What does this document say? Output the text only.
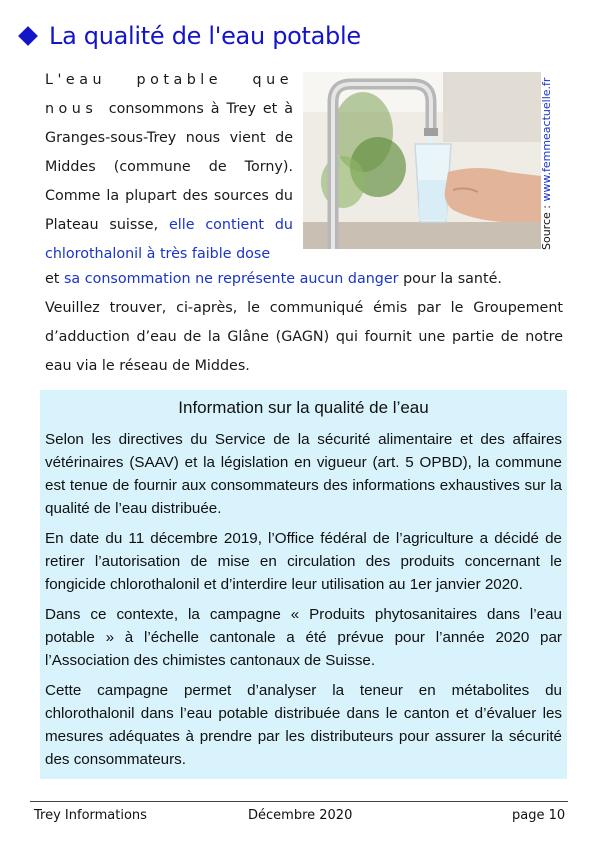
La qualité de l'eau potable

L'eau potable que nous consommons à Trey et à Granges-sous-Trey nous vient de Middes (commune de Torny). Comme la plupart des sources du Plateau suisse, elle contient du chlorothalonil à très faible dose

et sa consommation ne représente aucun danger pour la santé.

Veuillez trouver, ci-après, le communiqué émis par le Groupement d’adduction d’eau de la Glâne (GAGN) qui fournit une partie de notre eau via le réseau de Middes.

Source : www.femmeactuelle.fr
Information sur la qualité de l’eau

Selon les directives du Service de la sécurité alimentaire et des affaires vétérinaires (SAAV) et la législation en vigueur (art. 5 OPBD), la commune est tenue de fournir aux consommateurs des informations exhaustives sur la qualité de l’eau distribuée.

En date du 11 décembre 2019, l’Office fédéral de l’agriculture a décidé de retirer l’autorisation de mise en circulation des produits concernant le fongicide chlorothalonil et d’interdire leur utilisation au 1er janvier 2020.

Dans ce contexte, la campagne « Produits phytosanitaires dans l’eau potable » à l’échelle cantonale a été prévue pour l’année 2020 par l’Association des chimistes cantonaux de Suisse.

Cette campagne permet d’analyser la teneur en métabolites du chlorothalonil dans l’eau potable distribuée dans le canton et d’évaluer les mesures adéquates à prendre par les distributeurs pour assurer la sécurité des consommateurs.

Trey Informations	Décembre 2020	page 10
